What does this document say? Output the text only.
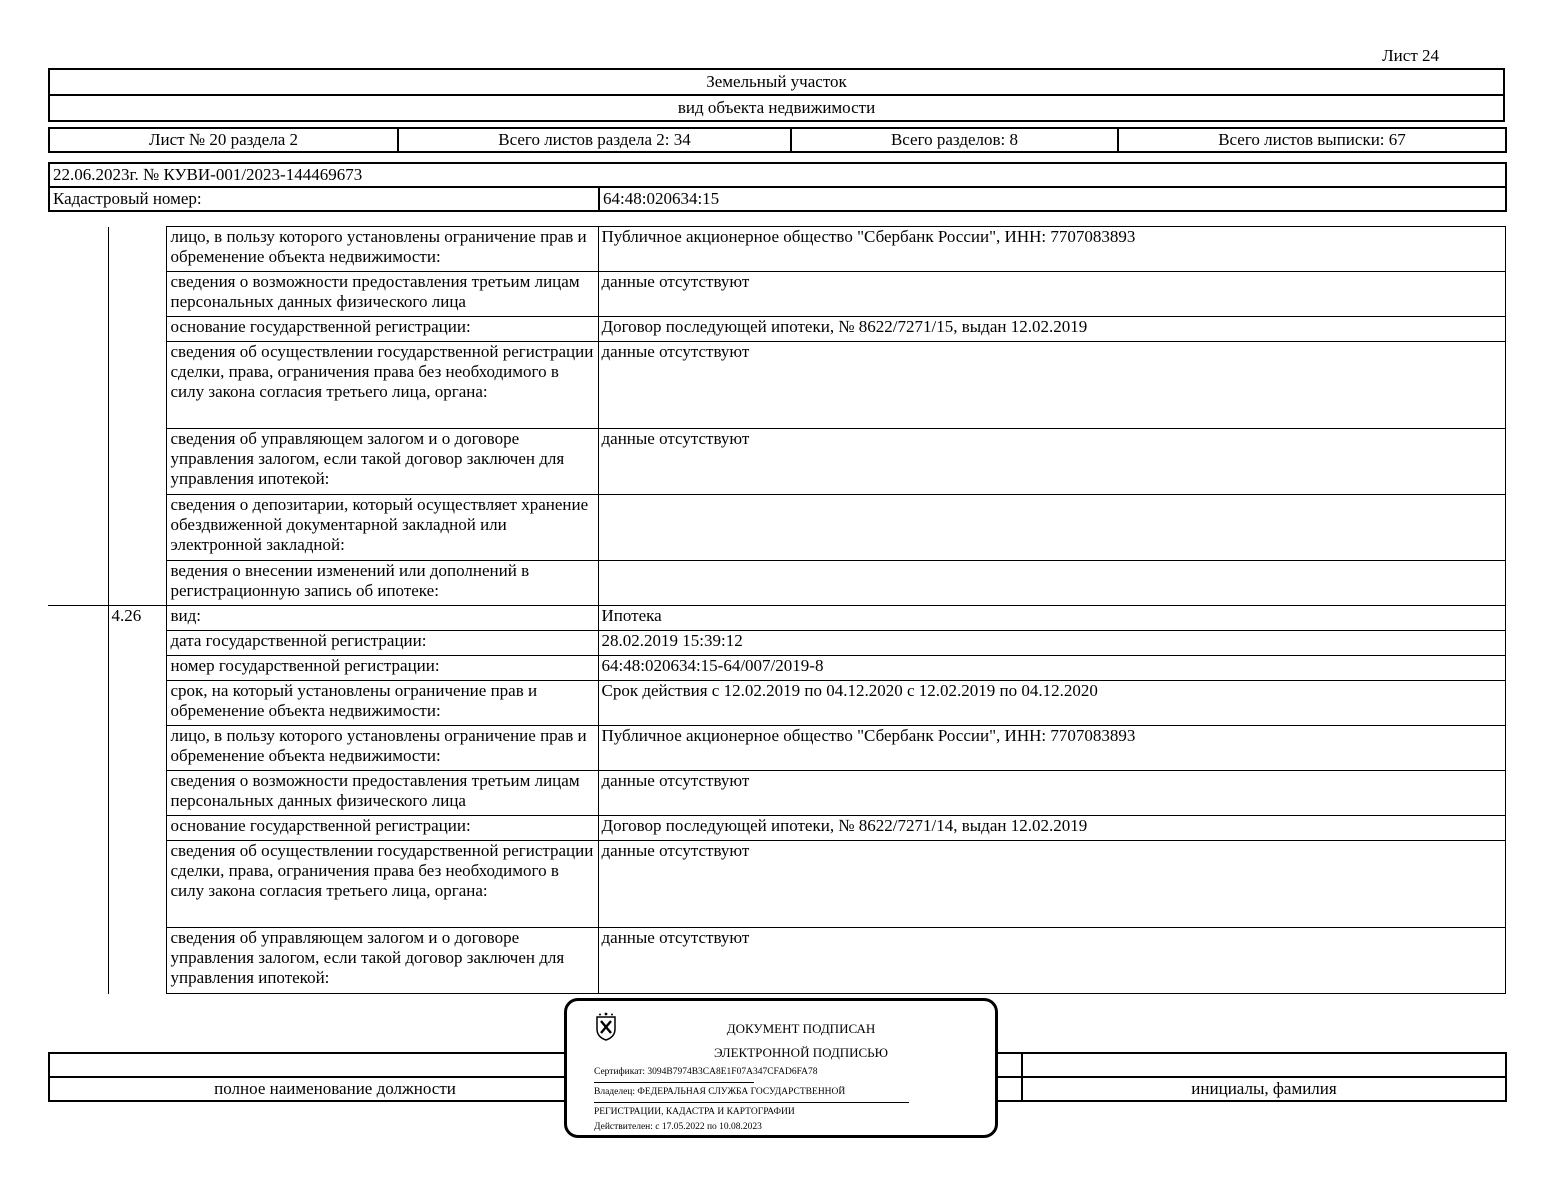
Лист 24
Земельный участок
вид объекта недвижимости
Лист № 20 раздела 2	Всего листов раздела 2: 34	Всего разделов: 8	Всего листов выписки: 67
22.06.2023г. № КУВИ-001/2023-144469673
Кадастровый номер:	64:48:020634:15
		лицо, в пользу которого установлены ограничение прав и обременение объекта недвижимости:	Публичное акционерное общество "Сбербанк России", ИНН: 7707083893
		сведения о возможности предоставления третьим лицам персональных данных физического лица	данные отсутствуют
		основание государственной регистрации:	Договор последующей ипотеки, № 8622/7271/15, выдан 12.02.2019
		сведения об осуществлении государственной регистрации сделки, права, ограничения права без необходимого в силу закона согласия третьего лица, органа:	данные отсутствуют
		сведения об управляющем залогом и о договоре управления залогом, если такой договор заключен для управления ипотекой:	данные отсутствуют
		сведения о депозитарии, который осуществляет хранение обездвиженной документарной закладной или электронной закладной:	
		ведения о внесении изменений или дополнений в регистрационную запись об ипотеке:	
	4.26	вид:	Ипотека
		дата государственной регистрации:	28.02.2019 15:39:12
		номер государственной регистрации:	64:48:020634:15-64/007/2019-8
		срок, на который установлены ограничение прав и обременение объекта недвижимости:	Срок действия с 12.02.2019 по 04.12.2020 с 12.02.2019 по 04.12.2020
		лицо, в пользу которого установлены ограничение прав и обременение объекта недвижимости:	Публичное акционерное общество "Сбербанк России", ИНН: 7707083893
		сведения о возможности предоставления третьим лицам персональных данных физического лица	данные отсутствуют
		основание государственной регистрации:	Договор последующей ипотеки, № 8622/7271/14, выдан 12.02.2019
		сведения об осуществлении государственной регистрации сделки, права, ограничения права без необходимого в силу закона согласия третьего лица, органа:	данные отсутствуют
		сведения об управляющем залогом и о договоре управления залогом, если такой договор заключен для управления ипотекой:	данные отсутствуют

полное наименование должности		инициалы, фамилия
ДОКУМЕНТ ПОДПИСАН
ЭЛЕКТРОННОЙ ПОДПИСЬЮ
Сертификат: 3094B7974B3CA8E1F07A347CFAD6FA78
Владелец: ФЕДЕРАЛЬНАЯ СЛУЖБА ГОСУДАРСТВЕННОЙ
РЕГИСТРАЦИИ, КАДАСТРА И КАРТОГРАФИИ
Действителен: с 17.05.2022 по 10.08.2023
